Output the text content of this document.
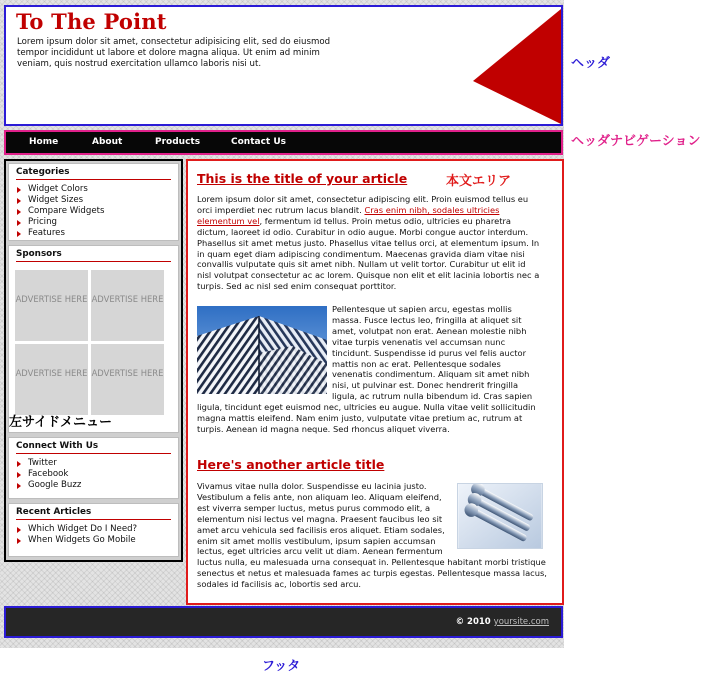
To The Point
Lorem ipsum dolor sit amet, consectetur adipisicing elit, sed do eiusmod tempor incididunt ut labore et dolore magna aliqua. Ut enim ad minim veniam, quis nostrud exercitation ullamco laboris nisi ut.
Home	About	Products	Contact Us
Categories
Widget Colors
Widget Sizes
Compare Widgets
Pricing
Features
Sponsors
ADVERTISE HERE ADVERTISE HERE
ADVERTISE HERE ADVERTISE HERE
Connect With Us
Twitter
Facebook
Google Buzz
Recent Articles
Which Widget Do I Need?
When Widgets Go Mobile
左サイドメニュー
This is the title of your article	本文エリア
Lorem ipsum dolor sit amet, consectetur adipiscing elit. Proin euismod tellus eu orci imperdiet nec rutrum lacus blandit. Cras enim nibh, sodales ultricies elementum vel, fermentum id tellus. Proin metus odio, ultricies eu pharetra dictum, laoreet id odio. Curabitur in odio augue. Morbi congue auctor interdum. Phasellus sit amet metus justo. Phasellus vitae tellus orci, at elementum ipsum. In in quam eget diam adipiscing condimentum. Maecenas gravida diam vitae nisi convallis vulputate quis sit amet nibh. Nullam ut velit tortor. Curabitur ut elit id nisl volutpat consectetur ac ac lorem. Quisque non elit et elit lacinia lobortis nec a turpis. Sed ac nisl sed enim consequat porttitor.
Pellentesque ut sapien arcu, egestas mollis massa. Fusce lectus leo, fringilla at aliquet sit amet, volutpat non erat. Aenean molestie nibh vitae turpis venenatis vel accumsan nunc tincidunt. Suspendisse id purus vel felis auctor mattis non ac erat. Pellentesque sodales venenatis condimentum. Aliquam sit amet nibh nisi, ut pulvinar est. Donec hendrerit fringilla ligula, ac rutrum nulla bibendum id. Cras sapien ligula, tincidunt eget euismod nec, ultricies eu augue. Nulla vitae velit sollicitudin magna mattis eleifend. Nam enim justo, vulputate vitae pretium ac, rutrum at turpis. Aenean id magna neque. Sed rhoncus aliquet viverra.
Here's another article title
Vivamus vitae nulla dolor. Suspendisse eu lacinia justo. Vestibulum a felis ante, non aliquam leo. Aliquam eleifend, est viverra semper luctus, metus purus commodo elit, a elementum nisi lectus vel magna. Praesent faucibus leo sit amet arcu vehicula sed facilisis eros aliquet. Etiam sodales, enim sit amet mollis vestibulum, ipsum sapien accumsan lectus, eget ultricies arcu velit ut diam. Aenean fermentum luctus nulla, eu malesuada urna consequat in. Pellentesque habitant morbi tristique senectus et netus et malesuada fames ac turpis egestas. Pellentesque massa lacus, sodales id facilisis ac, lobortis sed arcu.
© 2010 yoursite.com
ヘッダ
ヘッダナビゲーション
フッタ
